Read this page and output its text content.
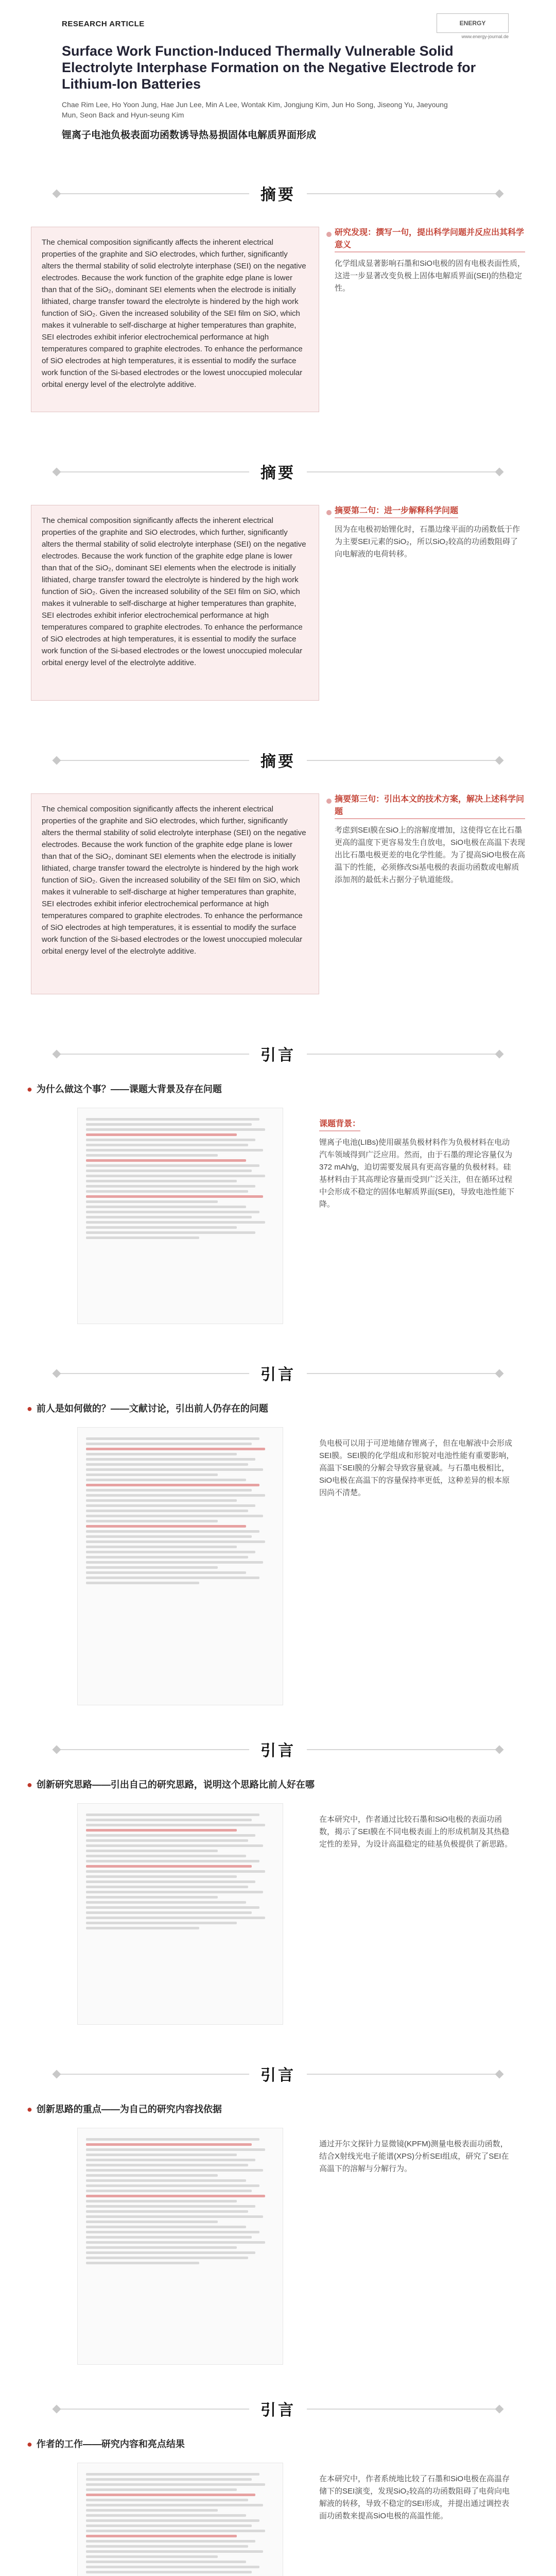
RESEARCH ARTICLE	ENERGY
www.energy-journal.de
Surface Work Function-Induced Thermally Vulnerable Solid Electrolyte Interphase Formation on the Negative Electrode for Lithium-Ion Batteries
Chae Rim Lee, Ho Yoon Jung, Hae Jun Lee, Min A Lee, Wontak Kim, Jongjung Kim, Jun Ho Song, Jiseong Yu, Jaeyoung Mun, Seon Back and Hyun-seung Kim
锂离子电池负极表面功函数诱导热易损固体电解质界面形成
摘要
The chemical composition significantly affects the inherent electrical properties of the graphite and SiO electrodes, which further, significantly alters the thermal stability of solid electrolyte interphase (SEI) on the negative electrodes. Because the work function of the graphite edge plane is lower than that of the SiO₂, dominant SEI elements when the electrode is initially lithiated, charge transfer toward the electrolyte is hindered by the high work function of SiO₂. Given the increased solubility of the SEI film on SiO, which makes it vulnerable to self-discharge at higher temperatures than graphite, SEI electrodes exhibit inferior electrochemical performance at high temperatures compared to graphite electrodes. To enhance the performance of SiO electrodes at high temperatures, it is essential to modify the surface work function of the Si-based electrodes or the lowest unoccupied molecular orbital energy level of the electrolyte additive.
研究发现：撰写一句，提出科学问题并反应出其科学意义
化学组成显著影响石墨和SiO电极的固有电极表面性质，这进一步显著改变负极上固体电解质界面(SEI)的热稳定性。
摘要
The chemical composition significantly affects the inherent electrical properties of the graphite and SiO electrodes, which further, significantly alters the thermal stability of solid electrolyte interphase (SEI) on the negative electrodes. Because the work function of the graphite edge plane is lower than that of the SiO₂, dominant SEI elements when the electrode is initially lithiated, charge transfer toward the electrolyte is hindered by the high work function of SiO₂. Given the increased solubility of the SEI film on SiO, which makes it vulnerable to self-discharge at higher temperatures than graphite, SEI electrodes exhibit inferior electrochemical performance at high temperatures compared to graphite electrodes. To enhance the performance of SiO electrodes at high temperatures, it is essential to modify the surface work function of the Si-based electrodes or the lowest unoccupied molecular orbital energy level of the electrolyte additive.
摘要第二句：进一步解释科学问题
因为在电极初始锂化时，石墨边缘平面的功函数低于作为主要SEI元素的SiO₂，所以SiO₂较高的功函数阻碍了向电解液的电荷转移。
摘要
The chemical composition significantly affects the inherent electrical properties of the graphite and SiO electrodes, which further, significantly alters the thermal stability of solid electrolyte interphase (SEI) on the negative electrodes. Because the work function of the graphite edge plane is lower than that of the SiO₂, dominant SEI elements when the electrode is initially lithiated, charge transfer toward the electrolyte is hindered by the high work function of SiO₂. Given the increased solubility of the SEI film on SiO, which makes it vulnerable to self-discharge at higher temperatures than graphite, SEI electrodes exhibit inferior electrochemical performance at high temperatures compared to graphite electrodes. To enhance the performance of SiO electrodes at high temperatures, it is essential to modify the surface work function of the Si-based electrodes or the lowest unoccupied molecular orbital energy level of the electrolyte additive.
摘要第三句：引出本文的技术方案，解决上述科学问题
考虑到SEI膜在SiO上的溶解度增加，这使得它在比石墨更高的温度下更容易发生自放电，SiO电极在高温下表现出比石墨电极更差的电化学性能。为了提高SiO电极在高温下的性能，必须修改Si基电极的表面功函数或电解质添加剂的最低未占据分子轨道能级。
引言
● 为什么做这个事？——课题大背景及存在问题
课题背景：
锂离子电池(LIBs)使用碳基负极材料作为负极材料在电动汽车领域得到广泛应用。然而，由于石墨的理论容量仅为372 mAh/g，迫切需要发展具有更高容量的负极材料。硅基材料由于其高理论容量而受到广泛关注，但在循环过程中会形成不稳定的固体电解质界面(SEI)，导致电池性能下降。
引言
● 前人是如何做的？——文献讨论，引出前人仍存在的问题
负电极可以用于可逆地储存锂离子，但在电解液中会形成SEI膜。SEI膜的化学组成和形貌对电池性能有重要影响，高温下SEI膜的分解会导致容量衰减。与石墨电极相比，SiO电极在高温下的容量保持率更低，这种差异的根本原因尚不清楚。
引言
● 创新研究思路——引出自己的研究思路，说明这个思路比前人好在哪
在本研究中，作者通过比较石墨和SiO电极的表面功函数，揭示了SEI膜在不同电极表面上的形成机制及其热稳定性的差异，为设计高温稳定的硅基负极提供了新思路。
引言
● 创新思路的重点——为自己的研究内容找依据
通过开尔文探针力显微镜(KPFM)测量电极表面功函数，结合X射线光电子能谱(XPS)分析SEI组成，研究了SEI在高温下的溶解与分解行为。
引言
● 作者的工作——研究内容和亮点结果
在本研究中，作者系统地比较了石墨和SiO电极在高温存储下的SEI演变，发现SiO₂较高的功函数阻碍了电荷向电解液的转移，导致不稳定的SEI形成，并提出通过调控表面功函数来提高SiO电极的高温性能。
